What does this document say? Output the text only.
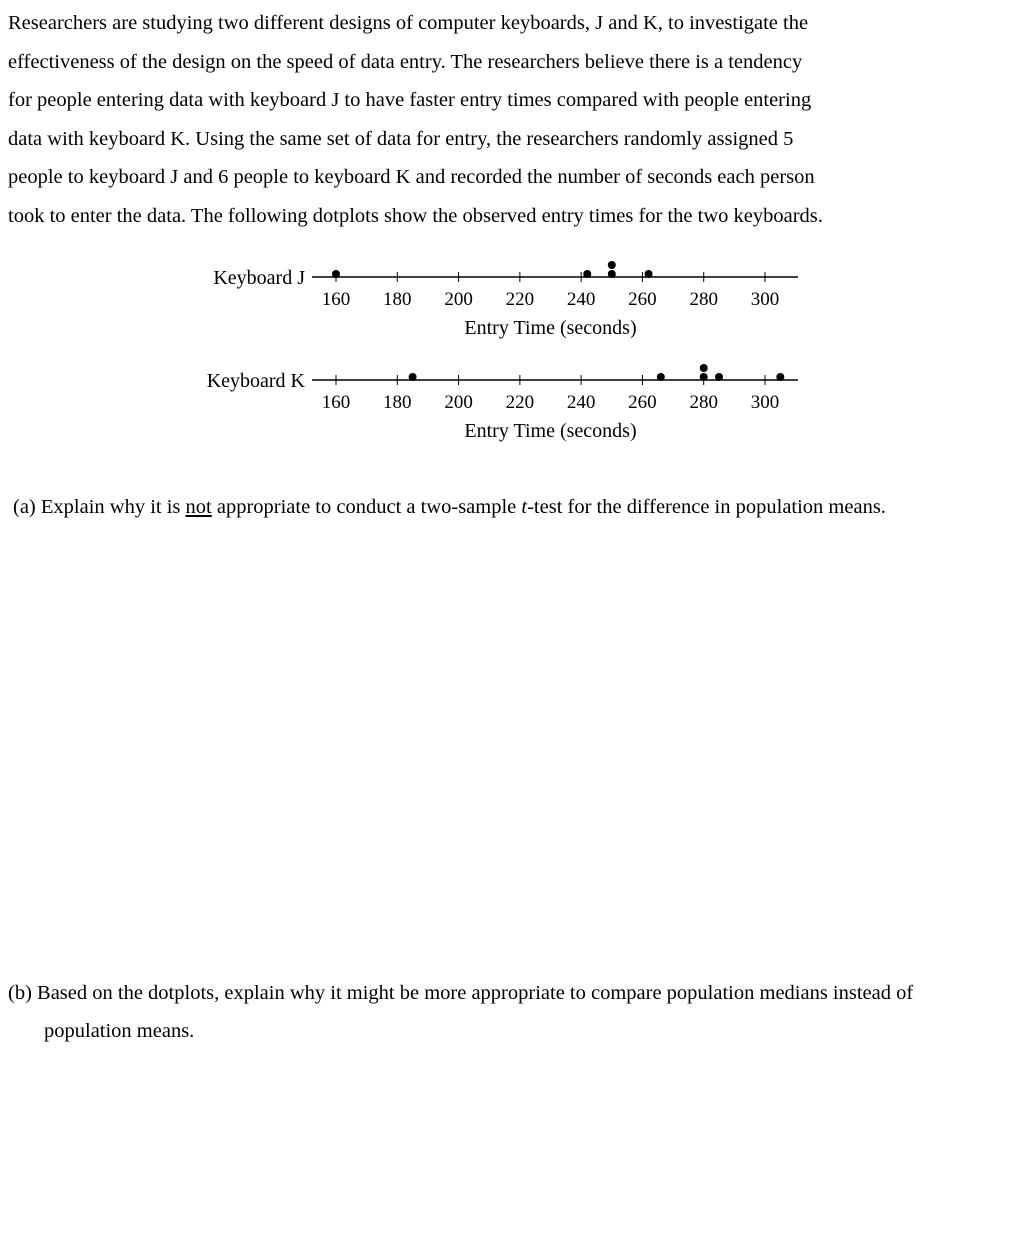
Researchers are studying two different designs of computer keyboards, J and K, to investigate the
effectiveness of the design on the speed of data entry. The researchers believe there is a tendency
for people entering data with keyboard J to have faster entry times compared with people entering
data with keyboard K. Using the same set of data for entry, the researchers randomly assigned 5
people to keyboard J and 6 people to keyboard K and recorded the number of seconds each person
took to enter the data. The following dotplots show the observed entry times for the two keyboards.
Keyboard J
160 180 200 220 240 260 280 300
Entry Time (seconds)
Keyboard K
160 180 200 220 240 260 280 300
Entry Time (seconds)
(a) Explain why it is not appropriate to conduct a two-sample t-test for the difference in population means.
(b) Based on the dotplots, explain why it might be more appropriate to compare population medians instead of
population means.
